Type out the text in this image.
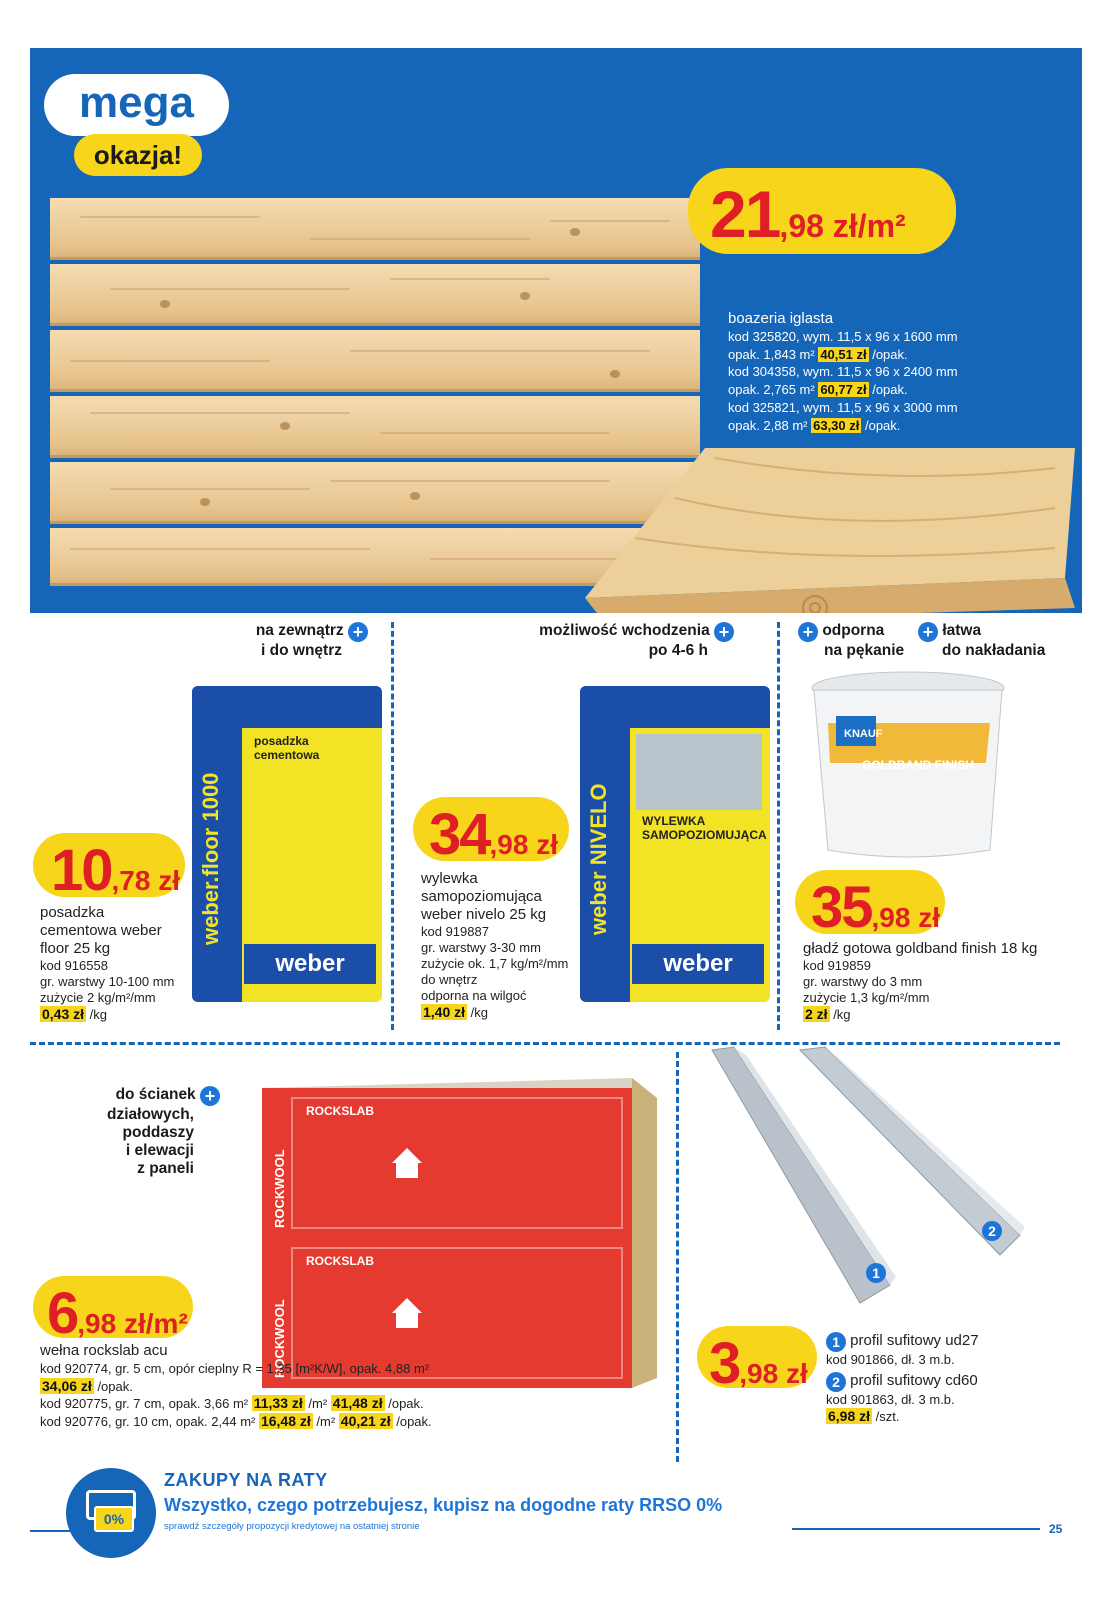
boazeria iglasta
kod 325820, wym. 11,5 x 96 x 1600 mm
opak. 1,843 m² 40,51 zł /opak.
kod 304358, wym. 11,5 x 96 x 2400 mm
opak. 2,765 m² 60,77 zł /opak.
kod 325821, wym. 11,5 x 96 x 3000 mm
opak. 2,88 m² 63,30 zł /opak.
mega
okazja!
21,98 zł/m²
na zewnątrz +
i do wnętrz
weber.floor 1000
posadzka
cementowa
weber
10,78 zł
posadzka
cementowa weber
floor 25 kg
kod 916558
gr. warstwy 10-100 mm
zużycie 2 kg/m²/mm
0,43 zł /kg
możliwość wchodzenia +
po 4-6 h
weber NIVELO	WYLEWKA
SAMOPOZIOMUJĄCA
weber
34,98 zł
wylewka
samopoziomująca
weber nivelo 25 kg
kod 919887
gr. warstwy 3-30 mm
zużycie ok. 1,7 kg/m²/mm
do wnętrz
odporna na wilgoć
1,40 zł /kg
+ odporna
na pękanie
+ łatwa
do nakładania
KNAUF
GOLDBAND FINISH
35,98 zł
gładź gotowa goldband finish 18 kg
kod 919859
gr. warstwy do 3 mm
zużycie 1,3 kg/m²/mm
2 zł /kg
do ścianek +
działowych,
poddaszy
i elewacji
z paneli	ROCKWOOL
ROCKSLAB
ROCKWOOL
ROCKSLAB
6,98 zł/m²
wełna rockslab acu
kod 920774, gr. 5 cm, opór cieplny R = 1,35 [m²K/W], opak. 4,88 m²
34,06 zł /opak.
kod 920775, gr. 7 cm, opak. 3,66 m² 11,33 zł /m² 41,48 zł /opak.
kod 920776, gr. 10 cm, opak. 2,44 m² 16,48 zł /m² 40,21 zł /opak.
1
2
3,98 zł
1 profil sufitowy ud27
kod 901866, dł. 3 m.b.
2 profil sufitowy cd60
kod 901863, dł. 3 m.b.
6,98 zł /szt.
0%
ZAKUPY NA RATY
Wszystko, czego potrzebujesz, kupisz na dogodne raty RRSO 0%
sprawdź szczegóły propozycji kredytowej na ostatniej stronie	25
